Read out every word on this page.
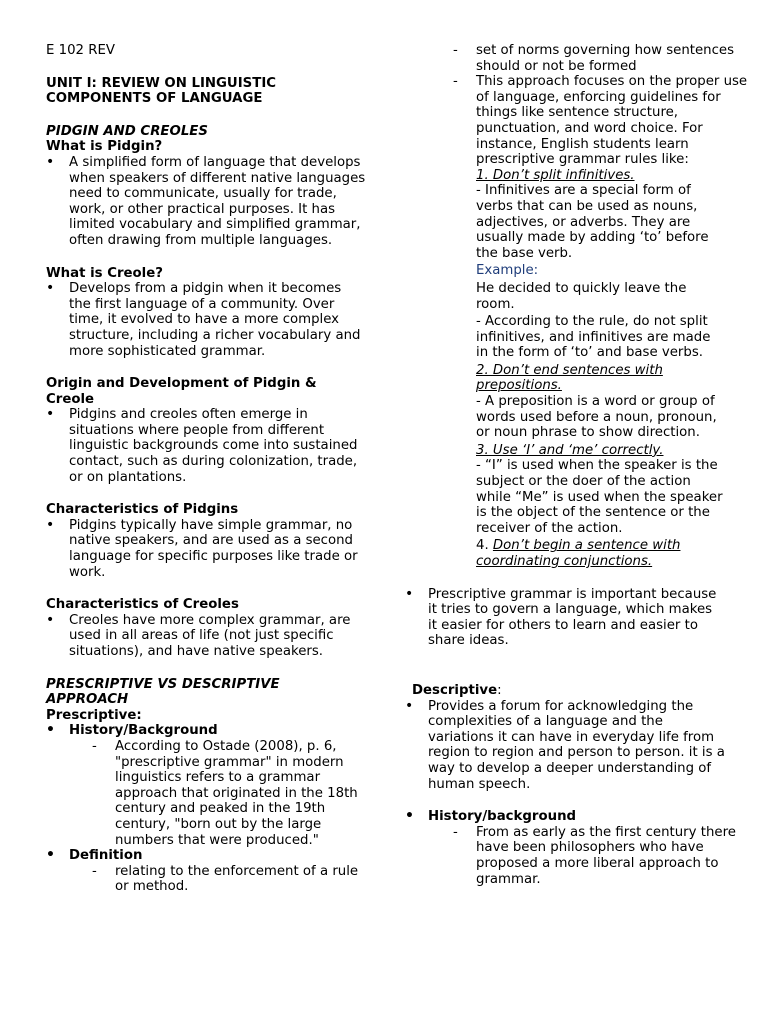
E 102 REV

UNIT I: REVIEW ON LINGUISTIC

COMPONENTS OF LANGUAGE

PIDGIN AND CREOLES

What is Pidgin?

• A simplified form of language that develops when speakers of different native languages need to communicate, usually for trade, work, or other practical purposes. It has limited vocabulary and simplified grammar, often drawing from multiple languages.

What is Creole?

• Develops from a pidgin when it becomes the first language of a community. Over time, it evolved to have a more complex structure, including a richer vocabulary and more sophisticated grammar.

Origin and Development of Pidgin & Creole

• Pidgins and creoles often emerge in situations where people from different linguistic backgrounds come into sustained contact, such as during colonization, trade, or on plantations.

Characteristics of Pidgins

• Pidgins typically have simple grammar, no native speakers, and are used as a second language for specific purposes like trade or work.

Characteristics of Creoles

• Creoles have more complex grammar, are used in all areas of life (not just specific situations), and have native speakers.

PRESCRIPTIVE VS DESCRIPTIVE

APPROACH

Prescriptive:

• History/Background

- According to Ostade (2008), p. 6, "prescriptive grammar" in modern linguistics refers to a grammar approach that originated in the 18th century and peaked in the 19th century, "born out by the large numbers that were produced."

• Definition

- relating to the enforcement of a rule or method.

- set of norms governing how sentences should or not be formed

- This approach focuses on the proper use of language, enforcing guidelines for things like sentence structure, punctuation, and word choice. For instance, English students learn prescriptive grammar rules like:

1. Don’t split infinitives.

- Infinitives are a special form of verbs that can be used as nouns, adjectives, or adverbs. They are usually made by adding ‘to’ before the base verb.

Example:

He decided to quickly leave the room.

- According to the rule, do not split infinitives, and infinitives are made in the form of ‘to’ and base verbs.

2. Don’t end sentences with prepositions.

- A preposition is a word or group of words used before a noun, pronoun, or noun phrase to show direction.

3. Use ‘I’ and ‘me’ correctly.

- “I” is used when the speaker is the subject or the doer of the action while “Me” is used when the speaker is the object of the sentence or the receiver of the action.

4. Don’t begin a sentence with coordinating conjunctions.

• Prescriptive grammar is important because it tries to govern a language, which makes it easier for others to learn and easier to share ideas.

Descriptive:

• Provides a forum for acknowledging the complexities of a language and the variations it can have in everyday life from region to region and person to person. it is a way to develop a deeper understanding of human speech.

• History/background

- From as early as the first century there have been philosophers who have proposed a more liberal approach to grammar.
